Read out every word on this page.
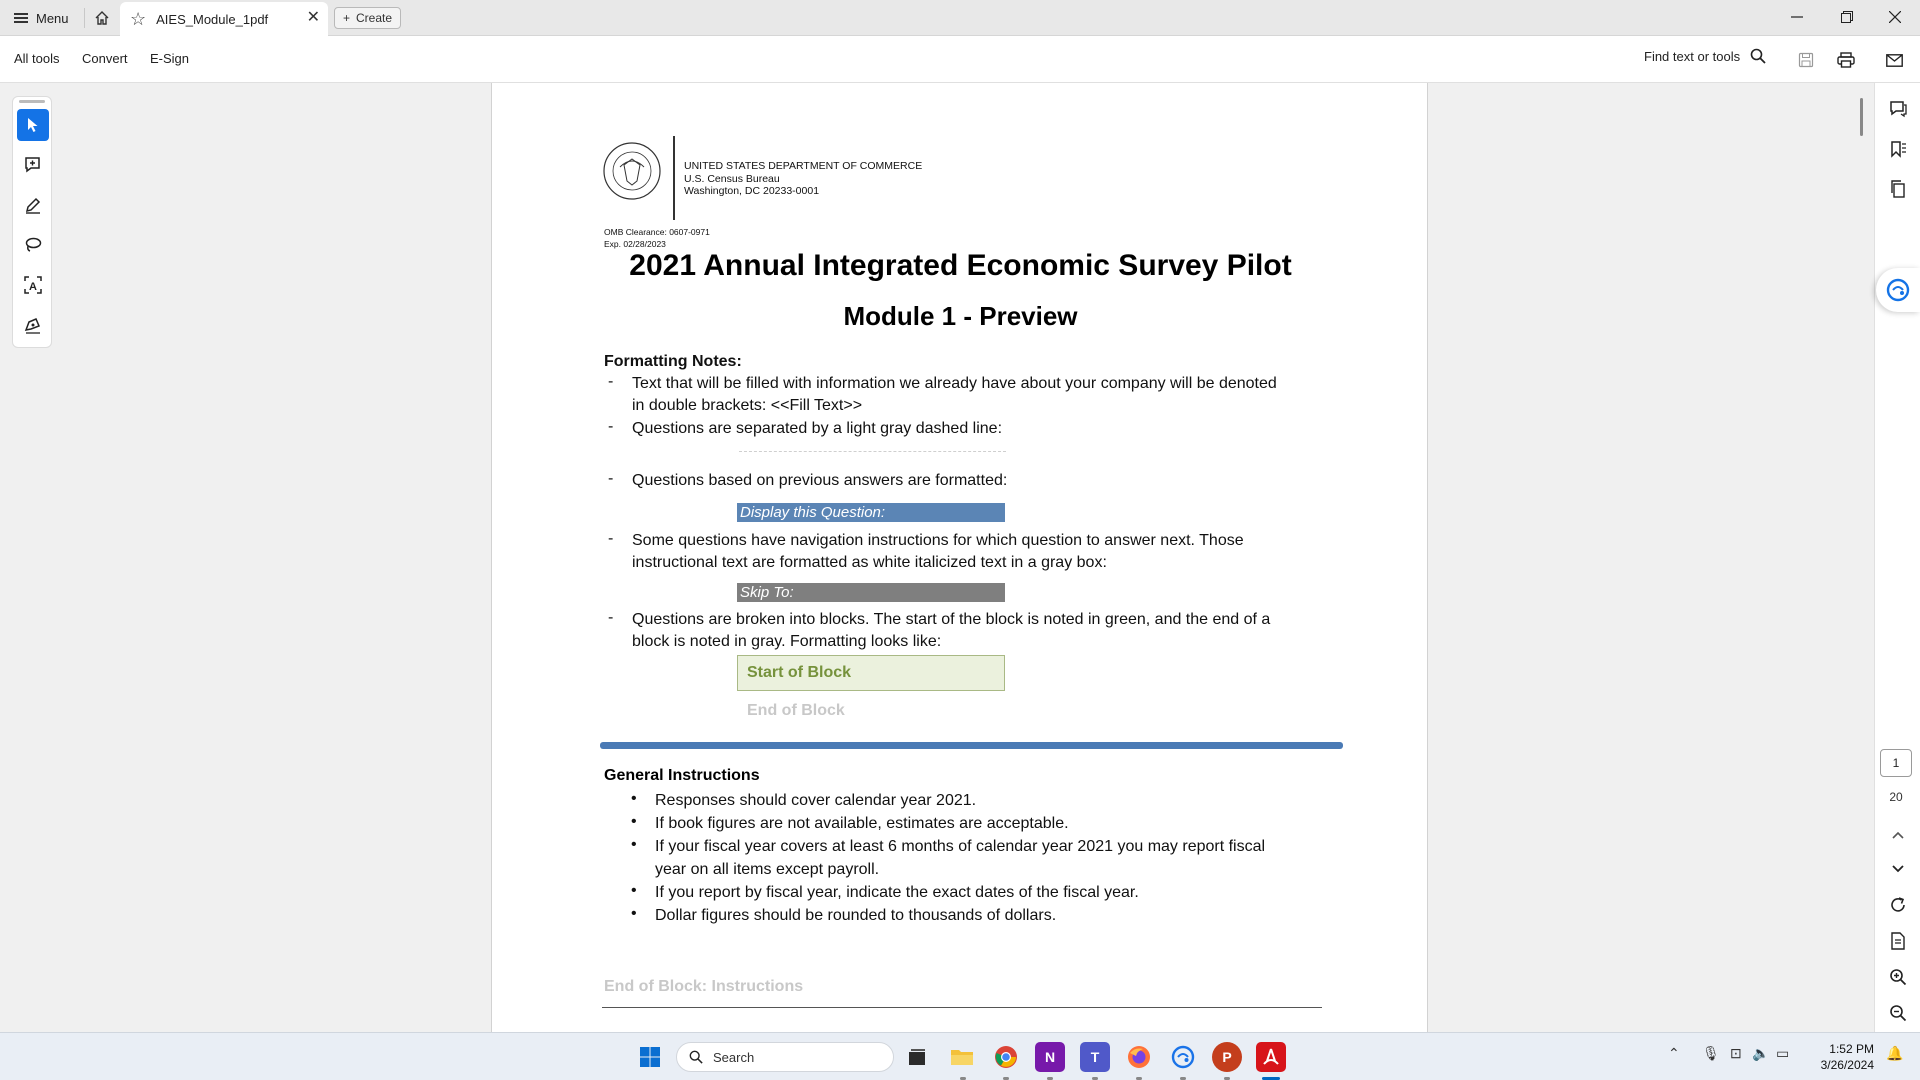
Menu	☆ AIES_Module_1pdf ✕ + Create
All tools Convert E-Sign	Find text or tools
A
UNITED STATES DEPARTMENT OF COMMERCE
U.S. Census Bureau
Washington, DC 20233-0001
OMB Clearance: 0607-0971
Exp. 02/28/2023
2021 Annual Integrated Economic Survey Pilot
Module 1 - Preview
Formatting Notes:
- Text that will be filled with information we already have about your company will be denoted
in double brackets: <<Fill Text>>
- Questions are separated by a light gray dashed line:
- Questions based on previous answers are formatted:
Display this Question:
- Some questions have navigation instructions for which question to answer next. Those
instructional text are formatted as white italicized text in a gray box:
Skip To:
- Questions are broken into blocks. The start of the block is noted in green, and the end of a
block is noted in gray. Formatting looks like:
Start of Block
End of Block
General Instructions
• Responses should cover calendar year 2021.
• If book figures are not available, estimates are acceptable.
• If your fiscal year covers at least 6 months of calendar year 2021 you may report fiscal
year on all items except payroll.
• If you report by fiscal year, indicate the exact dates of the fiscal year.
• Dollar figures should be rounded to thousands of dollars.
End of Block: Instructions
1
20
Search	N	T	P	⌃ 🎙 ⊡ 🔈 ▭	1:52 PM
3/26/2024
🔔
